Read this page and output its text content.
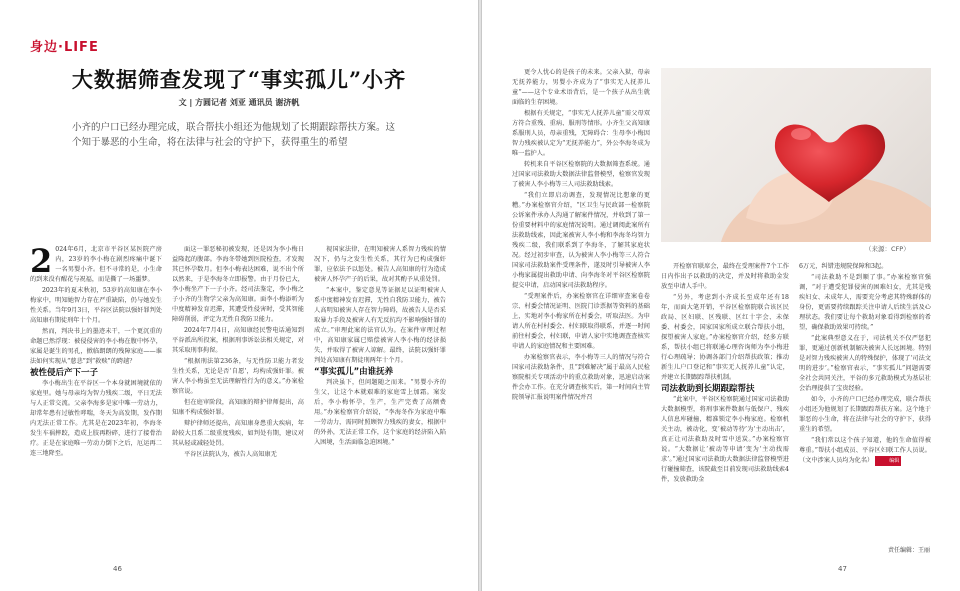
身边·LIFE
大数据筛查发现了“事实孤儿”小齐
文 | 方圆记者 刘亚 通讯员 谢济帆
小齐的户口已经办理完成，联合帮扶小组还为他规划了长期跟踪帮扶方案。这个知于暴恶的小生命，将在法律与社会的守护下，获得重生的希望

2 024年6月，北京市平谷区某医院产房内，23岁的李小梅在剧烈疼痛中诞下一名男婴小齐。但不寻常的是，小生命的到来没有醒花与祝福，而是撕了一场噩梦。

2023年的夏末秋初，53岁的高知康在李小梅家中，明知她智力存在严重缺陷，仍与她发生性关系。当年9月3日，平谷区法院以强奸罪判处高知康有期徒刑年十个月。

然而，判决书上的墨迹未干，一个更沉重的命题已然浮现：被侵侵害的李小梅在腹中怀孕，家属是诞生的男孔，掀临朗朗的残障家庭——谁法如何实现从“慈悲”到“救赎”的跨越？

被性侵后产下一子

李小梅出生在平谷区一个本身就困境就依的家庭里。她与母亲均为智力残疾二级，平日无法与人正常交流。父亲李海多是家中唯一劳动力，却常年患有过敏性哮喘，冬天为高发期，发作期内无法正常工作。尤其是在2023年初，李海冬发生车祸摔跤，造成上肢再粉碎，进行了接骨治疗。正是在家庭唯一劳动力倒下之后，厄运再二连三地降至。

面这一罪恶秘初被发现，还是因为李小梅日益隆起的腹部。李海冬带她到医院检查，才发现其已怀孕数月。但李小梅表达困难，说不出个所以然来，于是李海冬立即报警。由于月份已大，李小梅坐产下一子小齐。经司法鉴定，李小梅之子小齐的生物学父亲为高知康。面李小梅添听为中度精神发育迟滞，其遭受性侵害时，受其智能障碍削弱，评定为无性自我防卫能力。

2024年7月4日，高知康经民警电话通知到平谷派出所投案，根据刑事诉讼法相关规定，对其采取刑事拘留。

“根据刑法第236条，与无性防卫能力者发生性关系，无论是否‘自愿’，均构成强奸罪。被害人李小梅虽至无法理解性行为的意义。”办案检察官说。

但在庭审阶段，高知康的辩护律师提出，高知康不构成强奸罪。

辩护律师还提出，高知康身患重大疾病，年龄较大且系二级重度残疾，如判处有期，建议对其从轻或减轻处罚。

平谷区法院认为，被告人高知康无

视国家法律，在明知被害人系智力残疾的情况下，仍与之发生性关系，其行为已构成强奸罪，应依法予以惩处。被告人高知康的行为造成被害人怀孕产子的后果，故对其酌予从重处罚。

“本案中，鉴定意见等证据足以证明被害人系中度精神发育迟滞，无性自我防卫能力，被告人高明知被害人存在智力障碍，故被告人是否采取暴力手段及被害人有无反抗均不影响强奸罪的成立。”审理此案的法官认为。在案件审理过程中，高知康家属已赔偿被害人李小梅的经济损失，并取得了被害人谅解。最终，法院以强奸罪判处高知康有期徒刑两年十个月。

“事实孤儿”由谁抚养

判决虽下，但问题随之而来。“男婴小齐的生父，让这个本就艰难的家庭雪上加霜。案发后，李小梅怀孕，生产，生产完费了高额费用。”办案检察官介绍说，“李海冬作为家庭中唯一劳动力，需同时照顾智力残疾的妻女，根据中的外孙，无法正常工作，这个家庭的经济陷入陷入困境，生活面临急迫困境。”

46

更令人忧心的是孩子的未来。父亲入狱，母亲无抚养能力，男婴小齐成为了“事实无人抚养儿童”——这个专业术语背后，是一个孩子从出生就面临的生存困境。

根据有关规定，“事实无人抚养儿童”需父母双方符合重残、重病、服刑等情形。小齐生父高知康系服刑人员，母亲重残，无障碍合：生母李小梅因智力残疾被认定为“无抚养能力”，外公李海冬成为唯一监护人。

转机来自平谷区检察院的大数据筛查系统。通过国家司法救助大数据法律监督模型，检察官发现了被害人李小梅等三人司法救助线索。

“我们立即启动调查，发现情况比想象的更糟。”办案检察官介绍，“区卫生与民政部一检察院公诉案件承办人沟通了解案件情况，并收到了第一份重要材料中的家庭情况说明。通过调阅此案所有法救助线索，因此案被害人李小梅和李海冬均智力残疾二级，我们联系到了李海冬，了解其家庭状况。经过初步审查，认为被害人李小梅等三人符合国家司法救助案件受理条件，遂及时引导被害人李小梅家属提出救助申请、向李海冬对平谷区检察院提交申请，启动国家司法救助程序。

“受理案件后，办案检察官在详细审查案卷卷宗、村委会情况证明、医院门诊票据等资料的基础上，实地对李小梅家所在村委会，听取法医。为申请人所在村村委会、村妇联取得联系，并逐一时间前往村委会，村妇联，申请人家中实地调查查核实申请人的家庭情况和主要困难。

办案检察官表示，李小梅等三人的情况与符合国家司法救助条件，且“到难解决”属于最高人民检察院相关专项活动中的重点救助对象，迅速启动案件会办工作。在充分调查核实后，第一时间向主管院领导汇报说明案件情况并召

（来源：CFP）

开检察官联席会，最终在受理案件7个工作日内作出予以救助的决定，并及时将救助金发放至申请人手中。

“另外，考虑到小齐成长至成年还有18年，而面大笔开销，平谷区检察院联合该区民政局、区妇联、区残联、区红十字会、未保委、村委会，国家国家所成立联合帮扶小组，探望被害人家庭。”办案检察官介绍，经多方联系，帮扶小组已将联通心理咨询师为李小梅进行心理疏导；协调各部门介绍帮扶政策；推动新生儿户口登记和“事实无人抚养儿童”认定，并建立长期跟踪帮扶机制。

司法救助到长期跟踪帮扶

“此案中，平谷区检察院通过国家司法救助大数据模型，将刑事案件数据与低保户、残疾人信息库碰撞，精准锁定李小梅家庭。检察机关主动，被动化，变‘被动等待’为‘主动出击’，真正让司法救助及时雪中送炭。”办案检察官说。“大数据让‘被动等申请’变为‘主动找需求’。”通过国家司法救助大数据法律监督模型进行碰撞筛查，该院截至目前发现司法救助线索4件，发放救助金

6万元，纠错违规院保障和3起。

“司法救助不是到顺了事。”办案检察官强调，“对于遭受犯罪侵害的困难妇女，尤其是残疾妇女、未成年人，需要充分考虑其特殊群体的身份，更需要持续跟踪关注申请人后续生活及心理状态。我们要让每个救助对象看得到检察的希望，确保救助效果可持续。”

“此案典型意义在于，司法机关不仅严惩犯罪，更通过创新机制解决被害人长远困境。特别是对智力残疾被害人的特殊保护，体现了‘司法文明的进步’。”检察官表示，“事实孤儿”问题需要全社会共同关注，平谷的多元救助模式为基层社会治理提供了宝贵经验。

如今，小齐的户口已经办理完成，联合帮扶小组还为他规划了长期跟踪帮扶方案。这个地于罪恶的小生命，将在法律与社会的守护下，获得重生的希望。

“我们常以这个孩子知道，他的生命值得被尊重。”帮扶小组成员、平谷区妇联工作人员说。（文中涉案人员均为化名）	编辑

责任编辑：王丽
47
